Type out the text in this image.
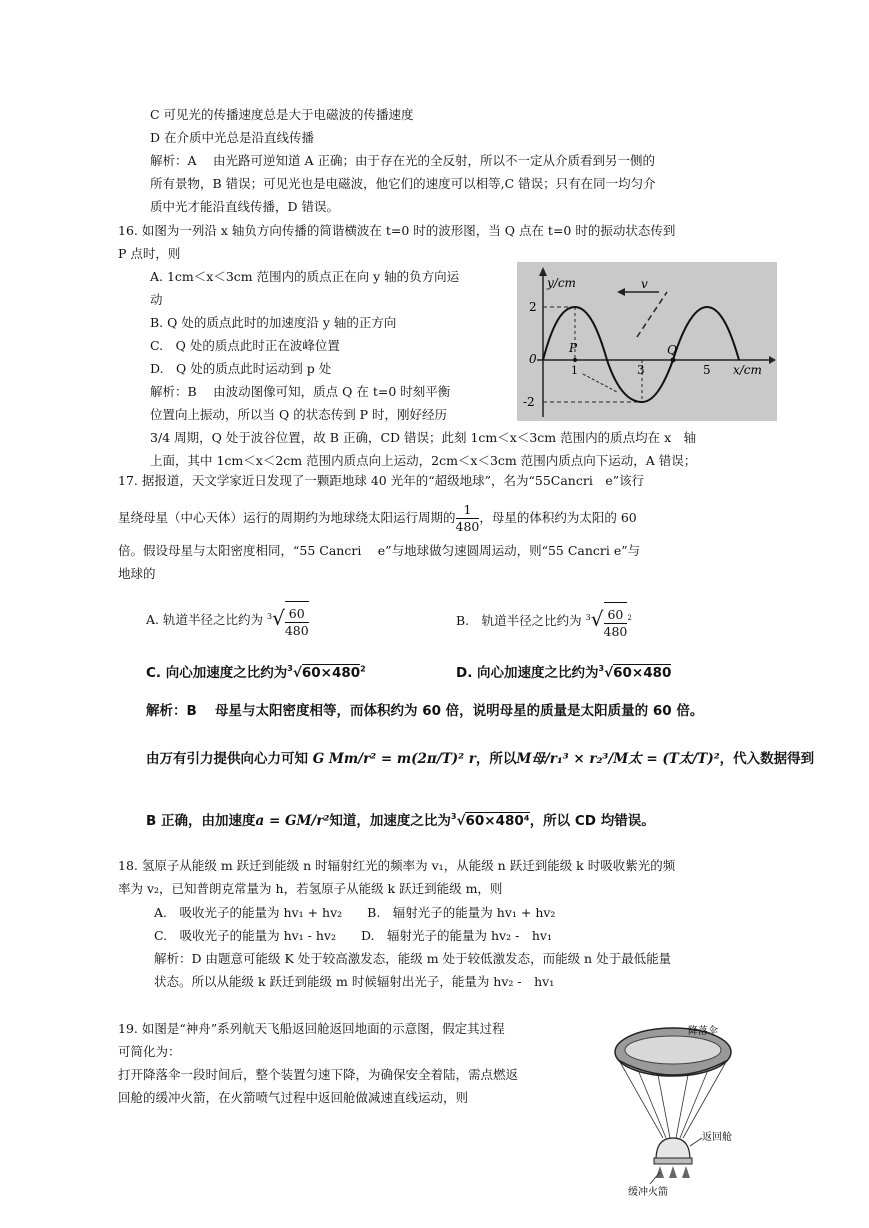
C 可见光的传播速度总是大于电磁波的传播速度
D 在介质中光总是沿直线传播
解析：A　 由光路可逆知道 A 正确；由于存在光的全反射，所以不一定从介质看到另一侧的
所有景物，B 错误；可见光也是电磁波，他它们的速度可以相等,C 错误；只有在同一均匀介
质中光才能沿直线传播，D 错误。
16. 如图为一列沿 x 轴负方向传播的简谐横波在 t=0 时的波形图，当 Q 点在 t=0 时的振动状态传到
P 点时，则
A. 1cm＜x＜3cm 范围内的质点正在向 y 轴的负方向运
动
B. Q 处的质点此时的加速度沿 y 轴的正方向
C.　Q 处的质点此时正在波峰位置
D.　Q 处的质点此时运动到 p 处
解析：B　 由波动图像可知，质点 Q 在 t=0 时刻平衡
位置向上振动，所以当 Q 的状态传到 P 时，刚好经历
3/4 周期，Q 处于波谷位置，故 B 正确，CD 错误；此刻 1cm＜x＜3cm 范围内的质点均在 x　轴
上面，其中 1cm＜x＜2cm 范围内质点向上运动，2cm＜x＜3cm 范围内质点向下运动，A 错误；
y/cm
x/cm
v
2
-2
0
1	3	5
P	Q
17. 据报道，天文学家近日发现了一颗距地球 40 光年的“超级地球”，名为“55Cancri　e”该行
星绕母星（中心天体）运行的周期约为地球绕太阳运行周期的 $\frac{1}{480}$ ，母星的体积约为太阳的 60
倍。假设母星与太阳密度相同，“55 Cancri　 e”与地球做匀速圆周运动，则“55 Cancri e”与
地球的
A. 轨道半径之比约为 $^3√ \frac{60}{480}$	B.　轨道半径之比约为 $^3√ \frac{60}{480} ^2$
C. 向心加速度之比约为$^3√60\times 480^2$	D. 向心加速度之比约为$^3$√60×480
解析：B　 母星与太阳密度相等，而体积约为 60 倍，说明母星的质量是太阳质量的 60 倍。
由万有引力提供向心力可知 G Mm/r² = m(2π/T)² r，所以M母/r₁³ × r₂³/M太 = (T太/T)²，代入数据得到
B 正确，由加速度a = GM/r²知道，加速度之比为$^3$√60×480⁴，所以 CD 均错误。
18. 氢原子从能级 m 跃迁到能级 n 时辐射红光的频率为 v₁，从能级 n 跃迁到能级 k 时吸收紫光的频
率为 v₂，已知普朗克常量为 h，若氢原子从能级 k 跃迁到能级 m，则
A.　吸收光子的能量为 hv₁ + hv₂　　B.　辐射光子的能量为 hv₁ + hv₂
C.　吸收光子的能量为 hv₁ - hv₂　　D.　辐射光子的能量为 hv₂ -　hv₁
解析：D 由题意可能级 K 处于较高激发态，能级 m 处于较低激发态，而能级 n 处于最低能量
状态。所以从能级 k 跃迁到能级 m 时候辐射出光子，能量为 hv₂ -　hv₁
19. 如图是“神舟”系列航天飞船返回舱返回地面的示意图，假定其过程
可简化为：
打开降落伞一段时间后，整个装置匀速下降，为确保安全着陆，需点燃返
回舱的缓冲火箭，在火箭喷气过程中返回舱做减速直线运动，则
降落伞
返回舱
缓冲火箭
